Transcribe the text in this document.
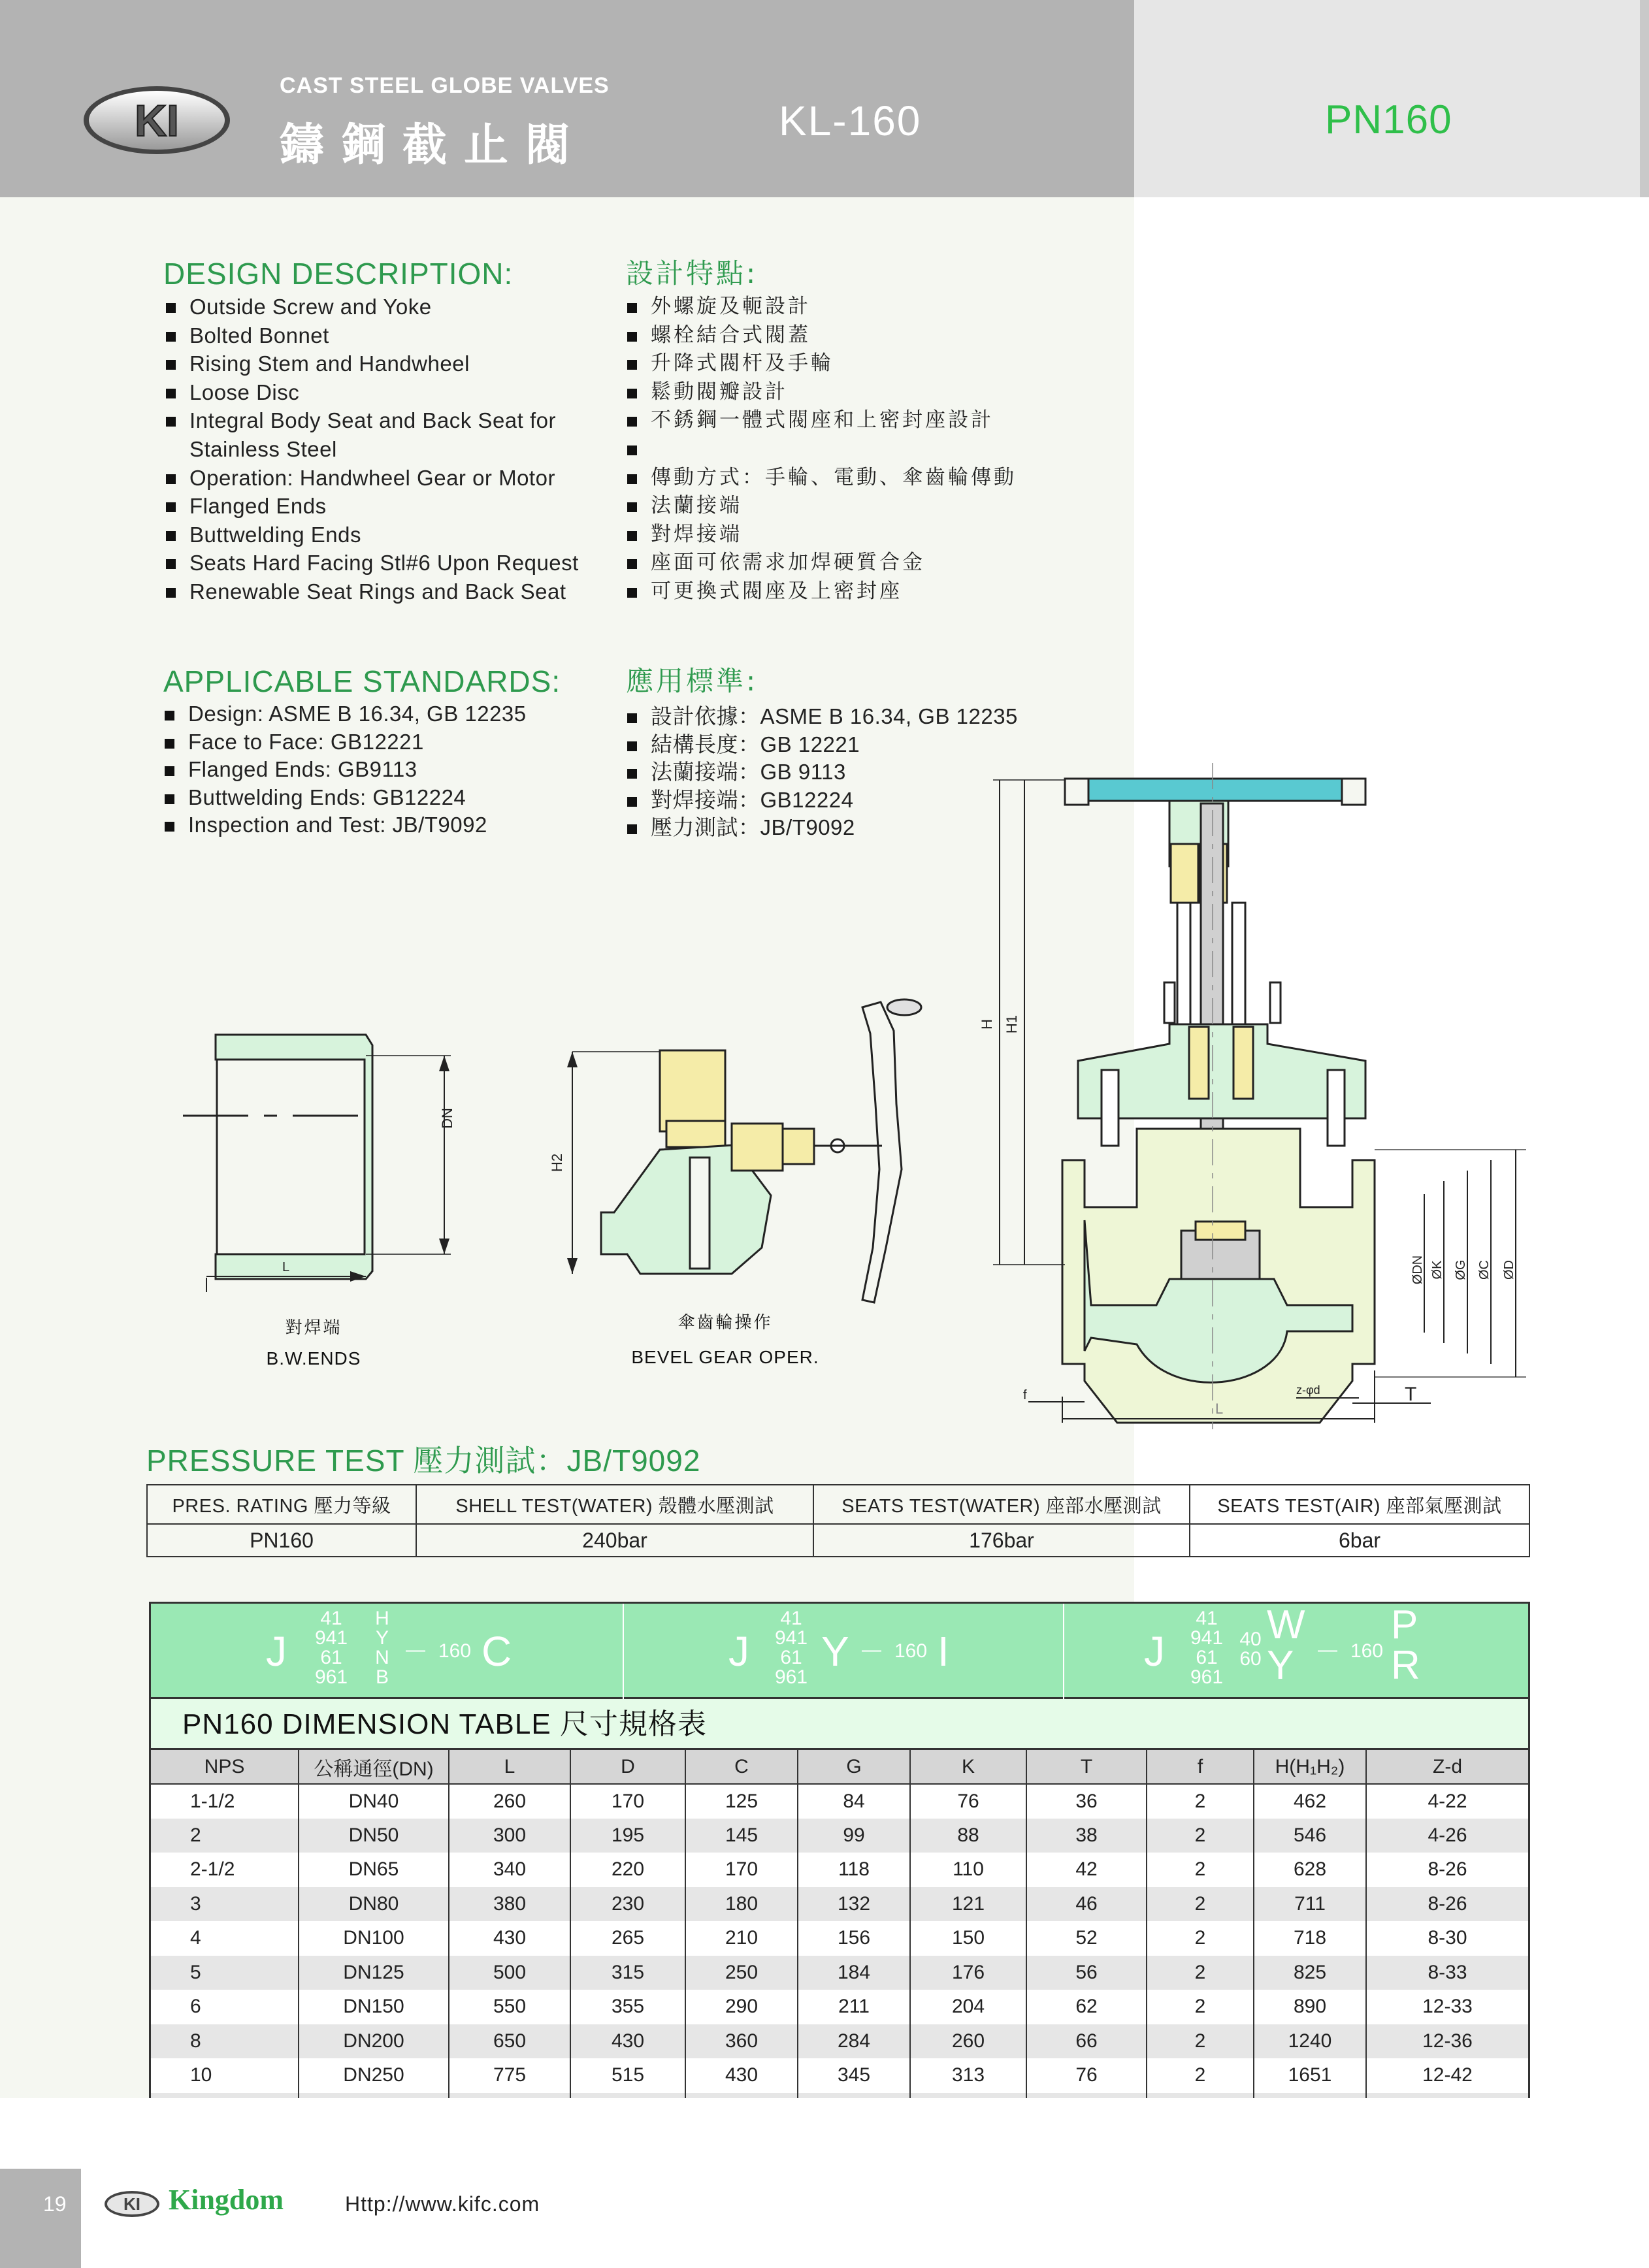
KI
CAST STEEL GLOBE VALVES
鑄鋼截止閥	KL-160	PN160
DESIGN DESCRIPTION:	設計特點:
Outside Screw and Yoke
Bolted Bonnet
Rising Stem and Handwheel
Loose Disc
Integral Body Seat and Back Seat for Stainless Steel
Operation: Handwheel Gear or Motor
Flanged Ends
Buttwelding Ends
Seats Hard Facing Stl#6 Upon Request
Renewable Seat Rings and Back Seat
外螺旋及軛設計
螺栓結合式閥蓋
升降式閥杆及手輪
鬆動閥瓣設計
不銹鋼一體式閥座和上密封座設計
傳動方式：手輪、電動、傘齒輪傳動
法蘭接端
對焊接端
座面可依需求加焊硬質合金
可更換式閥座及上密封座
APPLICABLE STANDARDS: 應用標準:
Design: ASME B 16.34, GB 12235
Face to Face: GB12221
Flanged Ends: GB9113
Buttwelding Ends: GB12224
Inspection and Test: JB/T9092
設計依據：ASME B 16.34, GB 12235
結構長度：GB 12221
法蘭接端：GB 9113
對焊接端：GB12224
壓力測試：JB/T9092
DN
L
對焊端
B.W.ENDS
H2
傘齒輪操作
BEVEL GEAR OPER.
H H1
ØDN ØK ØG ØC ØD
L
f	z-φd	T
PRESSURE TEST 壓力測試：JB/T9092
PRES. RATING 壓力等級	SHELL TEST(WATER) 殼體水壓測試	SEATS TEST(WATER) 座部水壓測試	SEATS TEST(AIR) 座部氣壓測試
PN160	240bar	176bar	6bar
J
41
941
61
961
H
Y
N
B
— 160 C	J
41
941
61
961
Y — 160 I	J
41
941
61
961
40
60
W
Y	— 160
P
R
PN160 DIMENSION TABLE 尺寸規格表
NPS	公稱通徑(DN)	L	D	C	G	K	T	f	H(H₁H₂)	Z-d
1-1/2	DN40	260	170	125	84	76	36	2	462	4-22
2	DN50	300	195	145	99	88	38	2	546	4-26
2-1/2	DN65	340	220	170	118	110	42	2	628	8-26
3	DN80	380	230	180	132	121	46	2	711	8-26
4	DN100	430	265	210	156	150	52	2	718	8-30
5	DN125	500	315	250	184	176	56	2	825	8-33
6	DN150	550	355	290	211	204	62	2	890	12-33
8	DN200	650	430	360	284	260	66	2	1240	12-36
10	DN250	775	515	430	345	313	76	2	1651	12-42

19	KI Kingdom	Http://www.kifc.com
